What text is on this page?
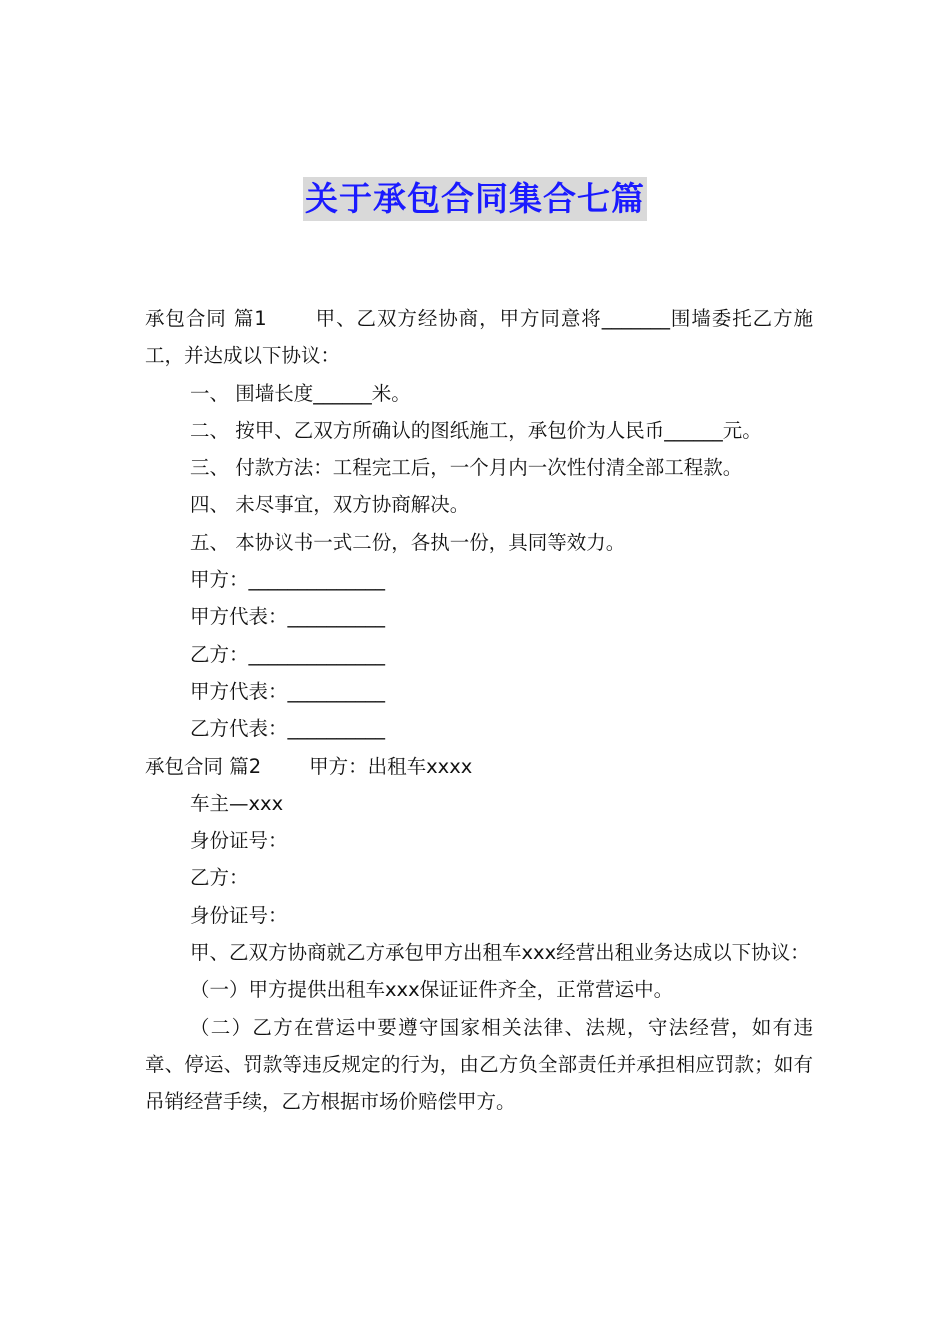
关于承包合同集合七篇

承包合同 篇1 甲、乙双方经协商，甲方同意将_______围墙委托乙方施工，并达成以下协议：

一、 围墙长度______米。

二、 按甲、乙双方所确认的图纸施工，承包价为人民币______元。

三、 付款方法：工程完工后，一个月内一次性付清全部工程款。

四、 未尽事宜，双方协商解决。

五、 本协议书一式二份，各执一份，具同等效力。

甲方：______________

甲方代表：__________

乙方：______________

甲方代表：__________

乙方代表：__________

承包合同 篇2 甲方：出租车xxxx

车主—xxx

身份证号：

乙方：

身份证号：

甲、乙双方协商就乙方承包甲方出租车xxx经营出租业务达成以下协议：

（一）甲方提供出租车xxx保证证件齐全，正常营运中。

（二）乙方在营运中要遵守国家相关法律、法规，守法经营，如有违章、停运、罚款等违反规定的行为，由乙方负全部责任并承担相应罚款；如有吊销经营手续，乙方根据市场价赔偿甲方。
